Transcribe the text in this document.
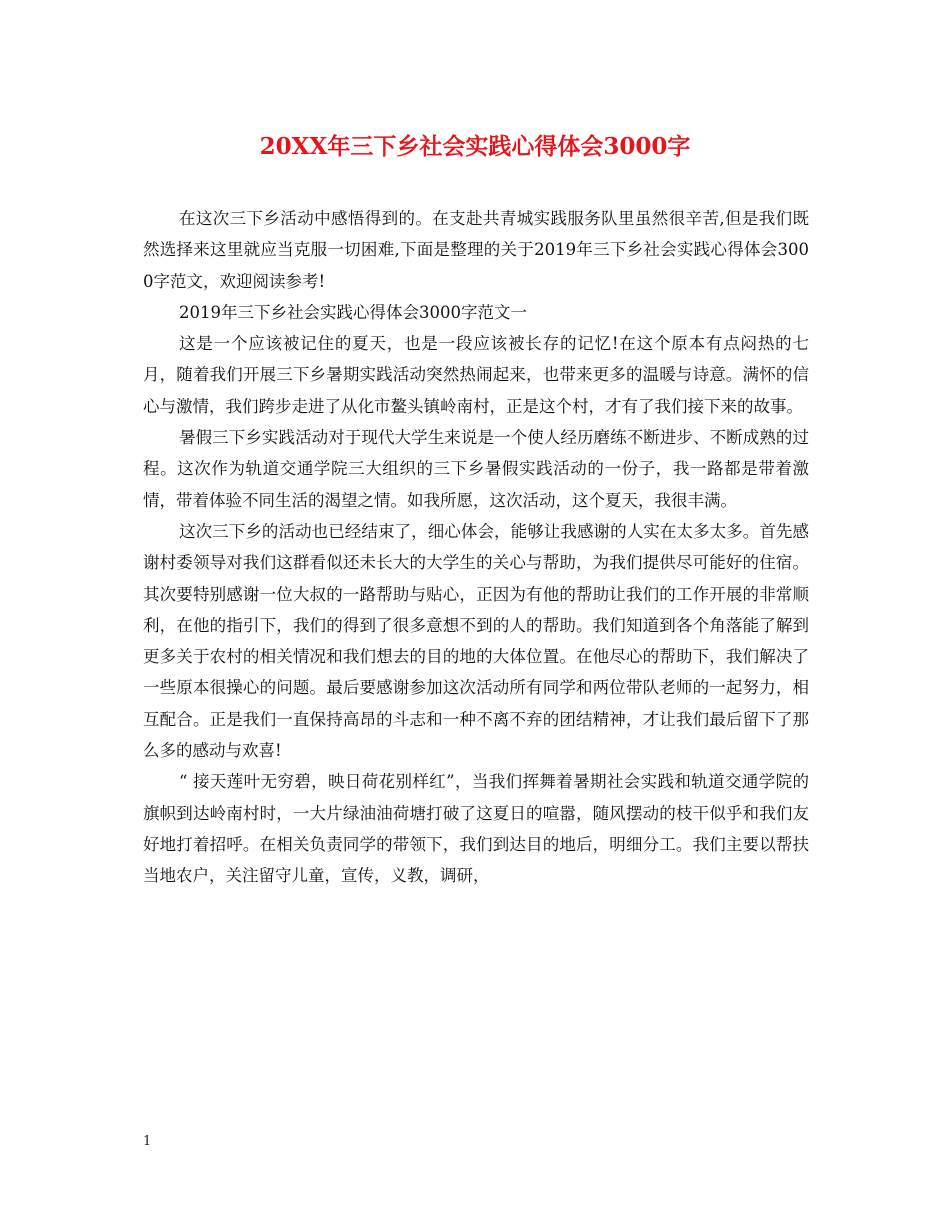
20XX年三下乡社会实践心得体会3000字

在这次三下乡活动中感悟得到的。在支赴共青城实践服务队里虽然很辛苦,但是我们既然选择来这里就应当克服一切困难,下面是整理的关于2019年三下乡社会实践心得体会3000字范文，欢迎阅读参考!

2019年三下乡社会实践心得体会3000字范文一

这是一个应该被记住的夏天，也是一段应该被长存的记忆!在这个原本有点闷热的七月，随着我们开展三下乡暑期实践活动突然热闹起来，也带来更多的温暖与诗意。满怀的信心与激情，我们跨步走进了从化市鳌头镇岭南村，正是这个村，才有了我们接下来的故事。

暑假三下乡实践活动对于现代大学生来说是一个使人经历磨练不断进步、不断成熟的过程。这次作为轨道交通学院三大组织的三下乡暑假实践活动的一份子，我一路都是带着激情，带着体验不同生活的渴望之情。如我所愿，这次活动，这个夏天，我很丰满。

这次三下乡的活动也已经结束了，细心体会，能够让我感谢的人实在太多太多。首先感谢村委领导对我们这群看似还未长大的大学生的关心与帮助，为我们提供尽可能好的住宿。其次要特别感谢一位大叔的一路帮助与贴心，正因为有他的帮助让我们的工作开展的非常顺利，在他的指引下，我们的得到了很多意想不到的人的帮助。我们知道到各个角落能了解到更多关于农村的相关情况和我们想去的目的地的大体位置。在他尽心的帮助下，我们解决了一些原本很操心的问题。最后要感谢参加这次活动所有同学和两位带队老师的一起努力，相互配合。正是我们一直保持高昂的斗志和一种不离不弃的团结精神，才让我们最后留下了那么多的感动与欢喜!

“ 接天莲叶无穷碧，映日荷花别样红”，当我们挥舞着暑期社会实践和轨道交通学院的旗帜到达岭南村时，一大片绿油油荷塘打破了这夏日的喧嚣，随风摆动的枝干似乎和我们友好地打着招呼。在相关负责同学的带领下，我们到达目的地后，明细分工。我们主要以帮扶当地农户，关注留守儿童，宣传，义教，调研，

1
